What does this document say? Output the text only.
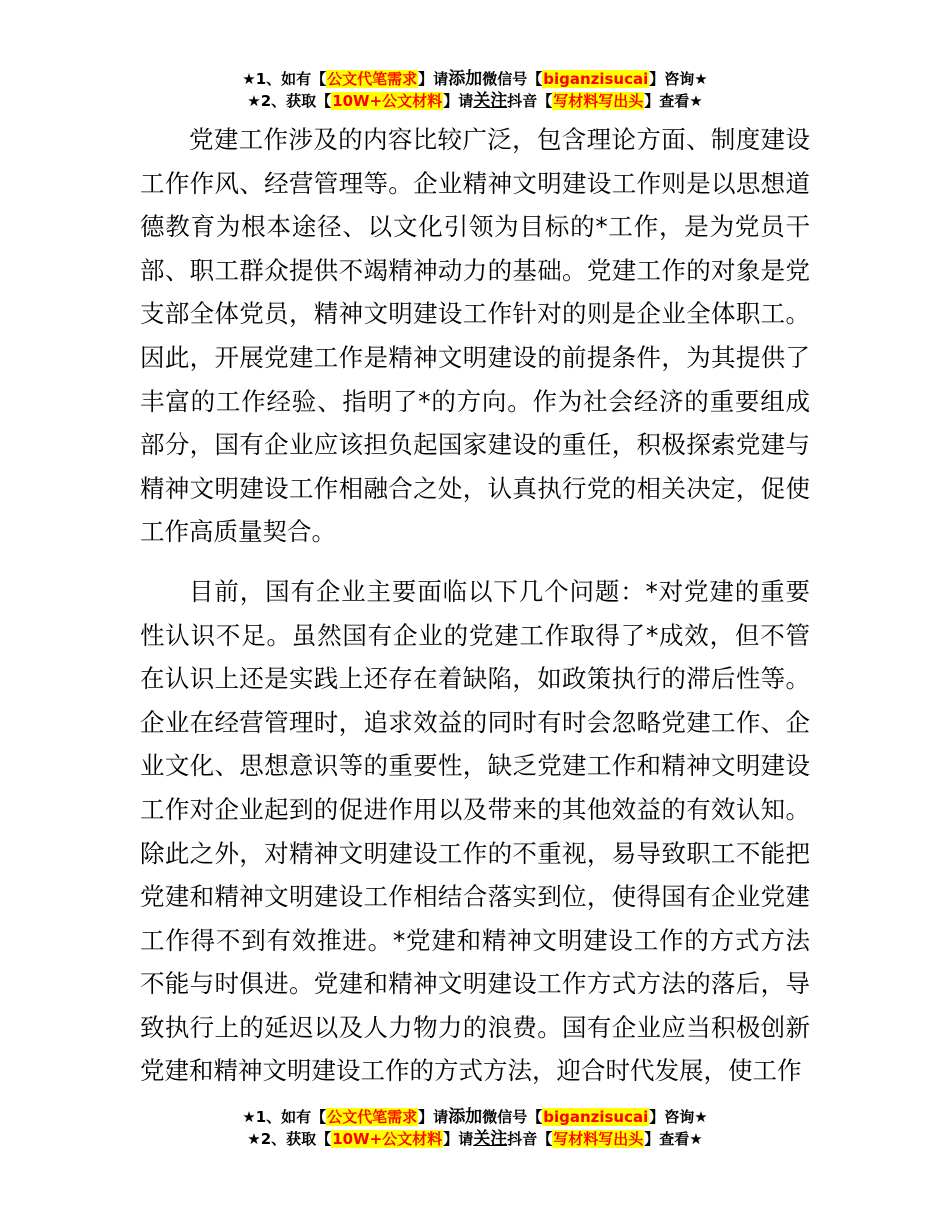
★1、如有【公文代笔需求】请添加微信号【biganzisucai】咨询★
★2、获取【10W+公文材料】请关注抖音【写材料写出头】查看★

党建工作涉及的内容比较广泛，包含理论方面、制度建设工作作风、经营管理等。企业精神文明建设工作则是以思想道德教育为根本途径、以文化引领为目标的*工作，是为党员干部、职工群众提供不竭精神动力的基础。党建工作的对象是党支部全体党员，精神文明建设工作针对的则是企业全体职工。因此，开展党建工作是精神文明建设的前提条件，为其提供了丰富的工作经验、指明了*的方向。作为社会经济的重要组成部分，国有企业应该担负起国家建设的重任，积极探索党建与精神文明建设工作相融合之处，认真执行党的相关决定，促使工作高质量契合。

目前，国有企业主要面临以下几个问题：*对党建的重要性认识不足。虽然国有企业的党建工作取得了*成效，但不管在认识上还是实践上还存在着缺陷，如政策执行的滞后性等。企业在经营管理时，追求效益的同时有时会忽略党建工作、企业文化、思想意识等的重要性，缺乏党建工作和精神文明建设工作对企业起到的促进作用以及带来的其他效益的有效认知。除此之外，对精神文明建设工作的不重视，易导致职工不能把党建和精神文明建设工作相结合落实到位，使得国有企业党建工作得不到有效推进。*党建和精神文明建设工作的方式方法不能与时俱进。党建和精神文明建设工作方式方法的落后，导致执行上的延迟以及人力物力的浪费。国有企业应当积极创新党建和精神文明建设工作的方式方法，迎合时代发展，使工作

★1、如有【公文代笔需求】请添加微信号【biganzisucai】咨询★
★2、获取【10W+公文材料】请关注抖音【写材料写出头】查看★
